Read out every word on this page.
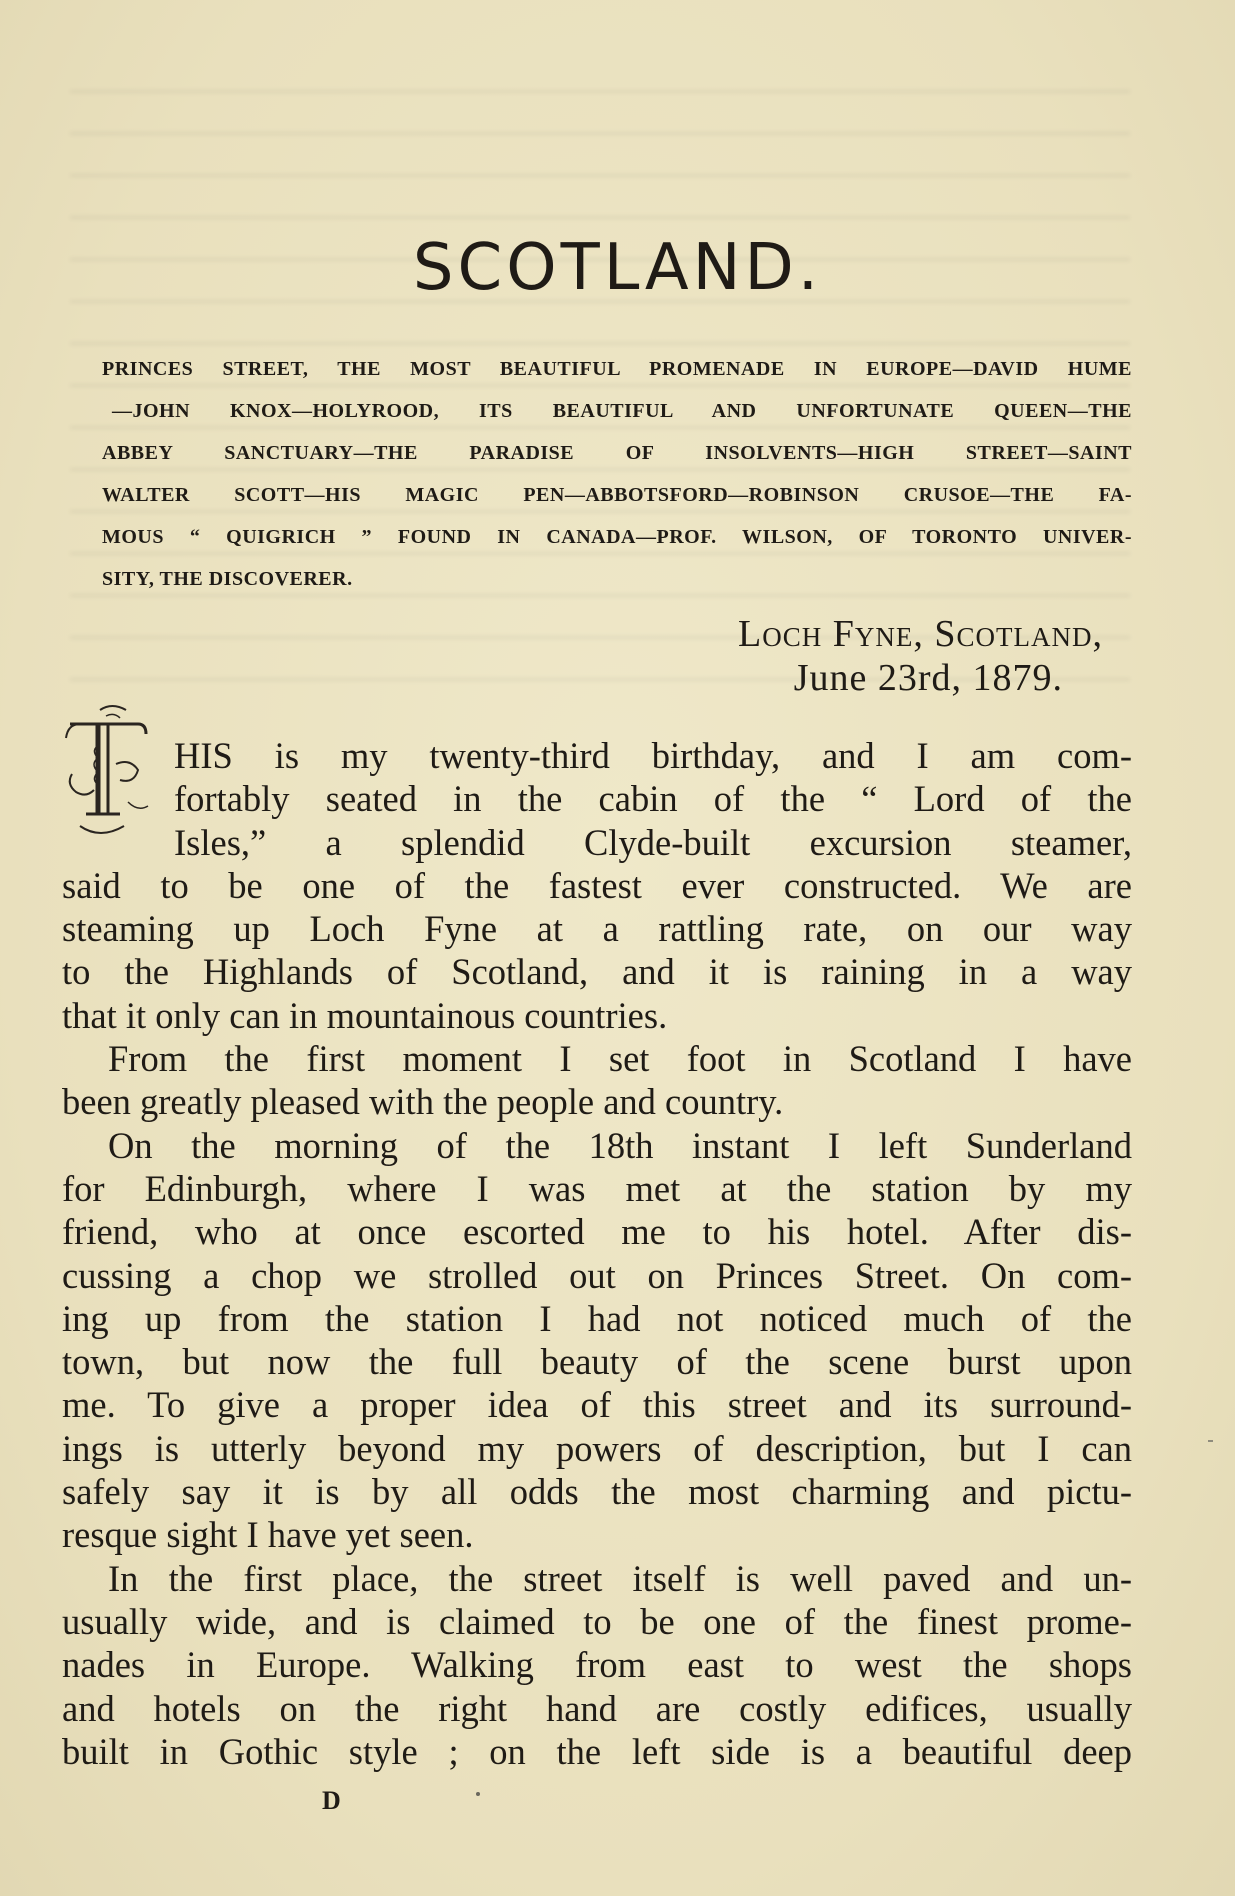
SCOTLAND.
PRINCES STREET, THE MOST BEAUTIFUL PROMENADE IN EUROPE—DAVID HUME
—JOHN KNOX—HOLYROOD, ITS BEAUTIFUL AND UNFORTUNATE QUEEN—THE
ABBEY SANCTUARY—THE PARADISE OF INSOLVENTS—HIGH STREET—SAINT
WALTER SCOTT—HIS MAGIC PEN—ABBOTSFORD—ROBINSON CRUSOE—THE FA-
MOUS “ QUIGRICH ” FOUND IN CANADA—PROF. WILSON, OF TORONTO UNIVER-
SITY, THE DISCOVERER.
Loch Fyne, Scotland,
June 23rd, 1879.
HIS is my twenty-third birthday, and I am com-
fortably seated in the cabin of the “ Lord of the
Isles,” a splendid Clyde-built excursion steamer,
said to be one of the fastest ever constructed. We are
steaming up Loch Fyne at a rattling rate, on our way
to the Highlands of Scotland, and it is raining in a way
that it only can in mountainous countries.
From the first moment I set foot in Scotland I have
been greatly pleased with the people and country.
On the morning of the 18th instant I left Sunderland
for Edinburgh, where I was met at the station by my
friend, who at once escorted me to his hotel. After dis-
cussing a chop we strolled out on Princes Street. On com-
ing up from the station I had not noticed much of the
town, but now the full beauty of the scene burst upon
me. To give a proper idea of this street and its surround-
ings is utterly beyond my powers of description, but I can
safely say it is by all odds the most charming and pictu-
resque sight I have yet seen.
In the first place, the street itself is well paved and un-
usually wide, and is claimed to be one of the finest prome-
nades in Europe. Walking from east to west the shops
and hotels on the right hand are costly edifices, usually
built in Gothic style ; on the left side is a beautiful deep
D
